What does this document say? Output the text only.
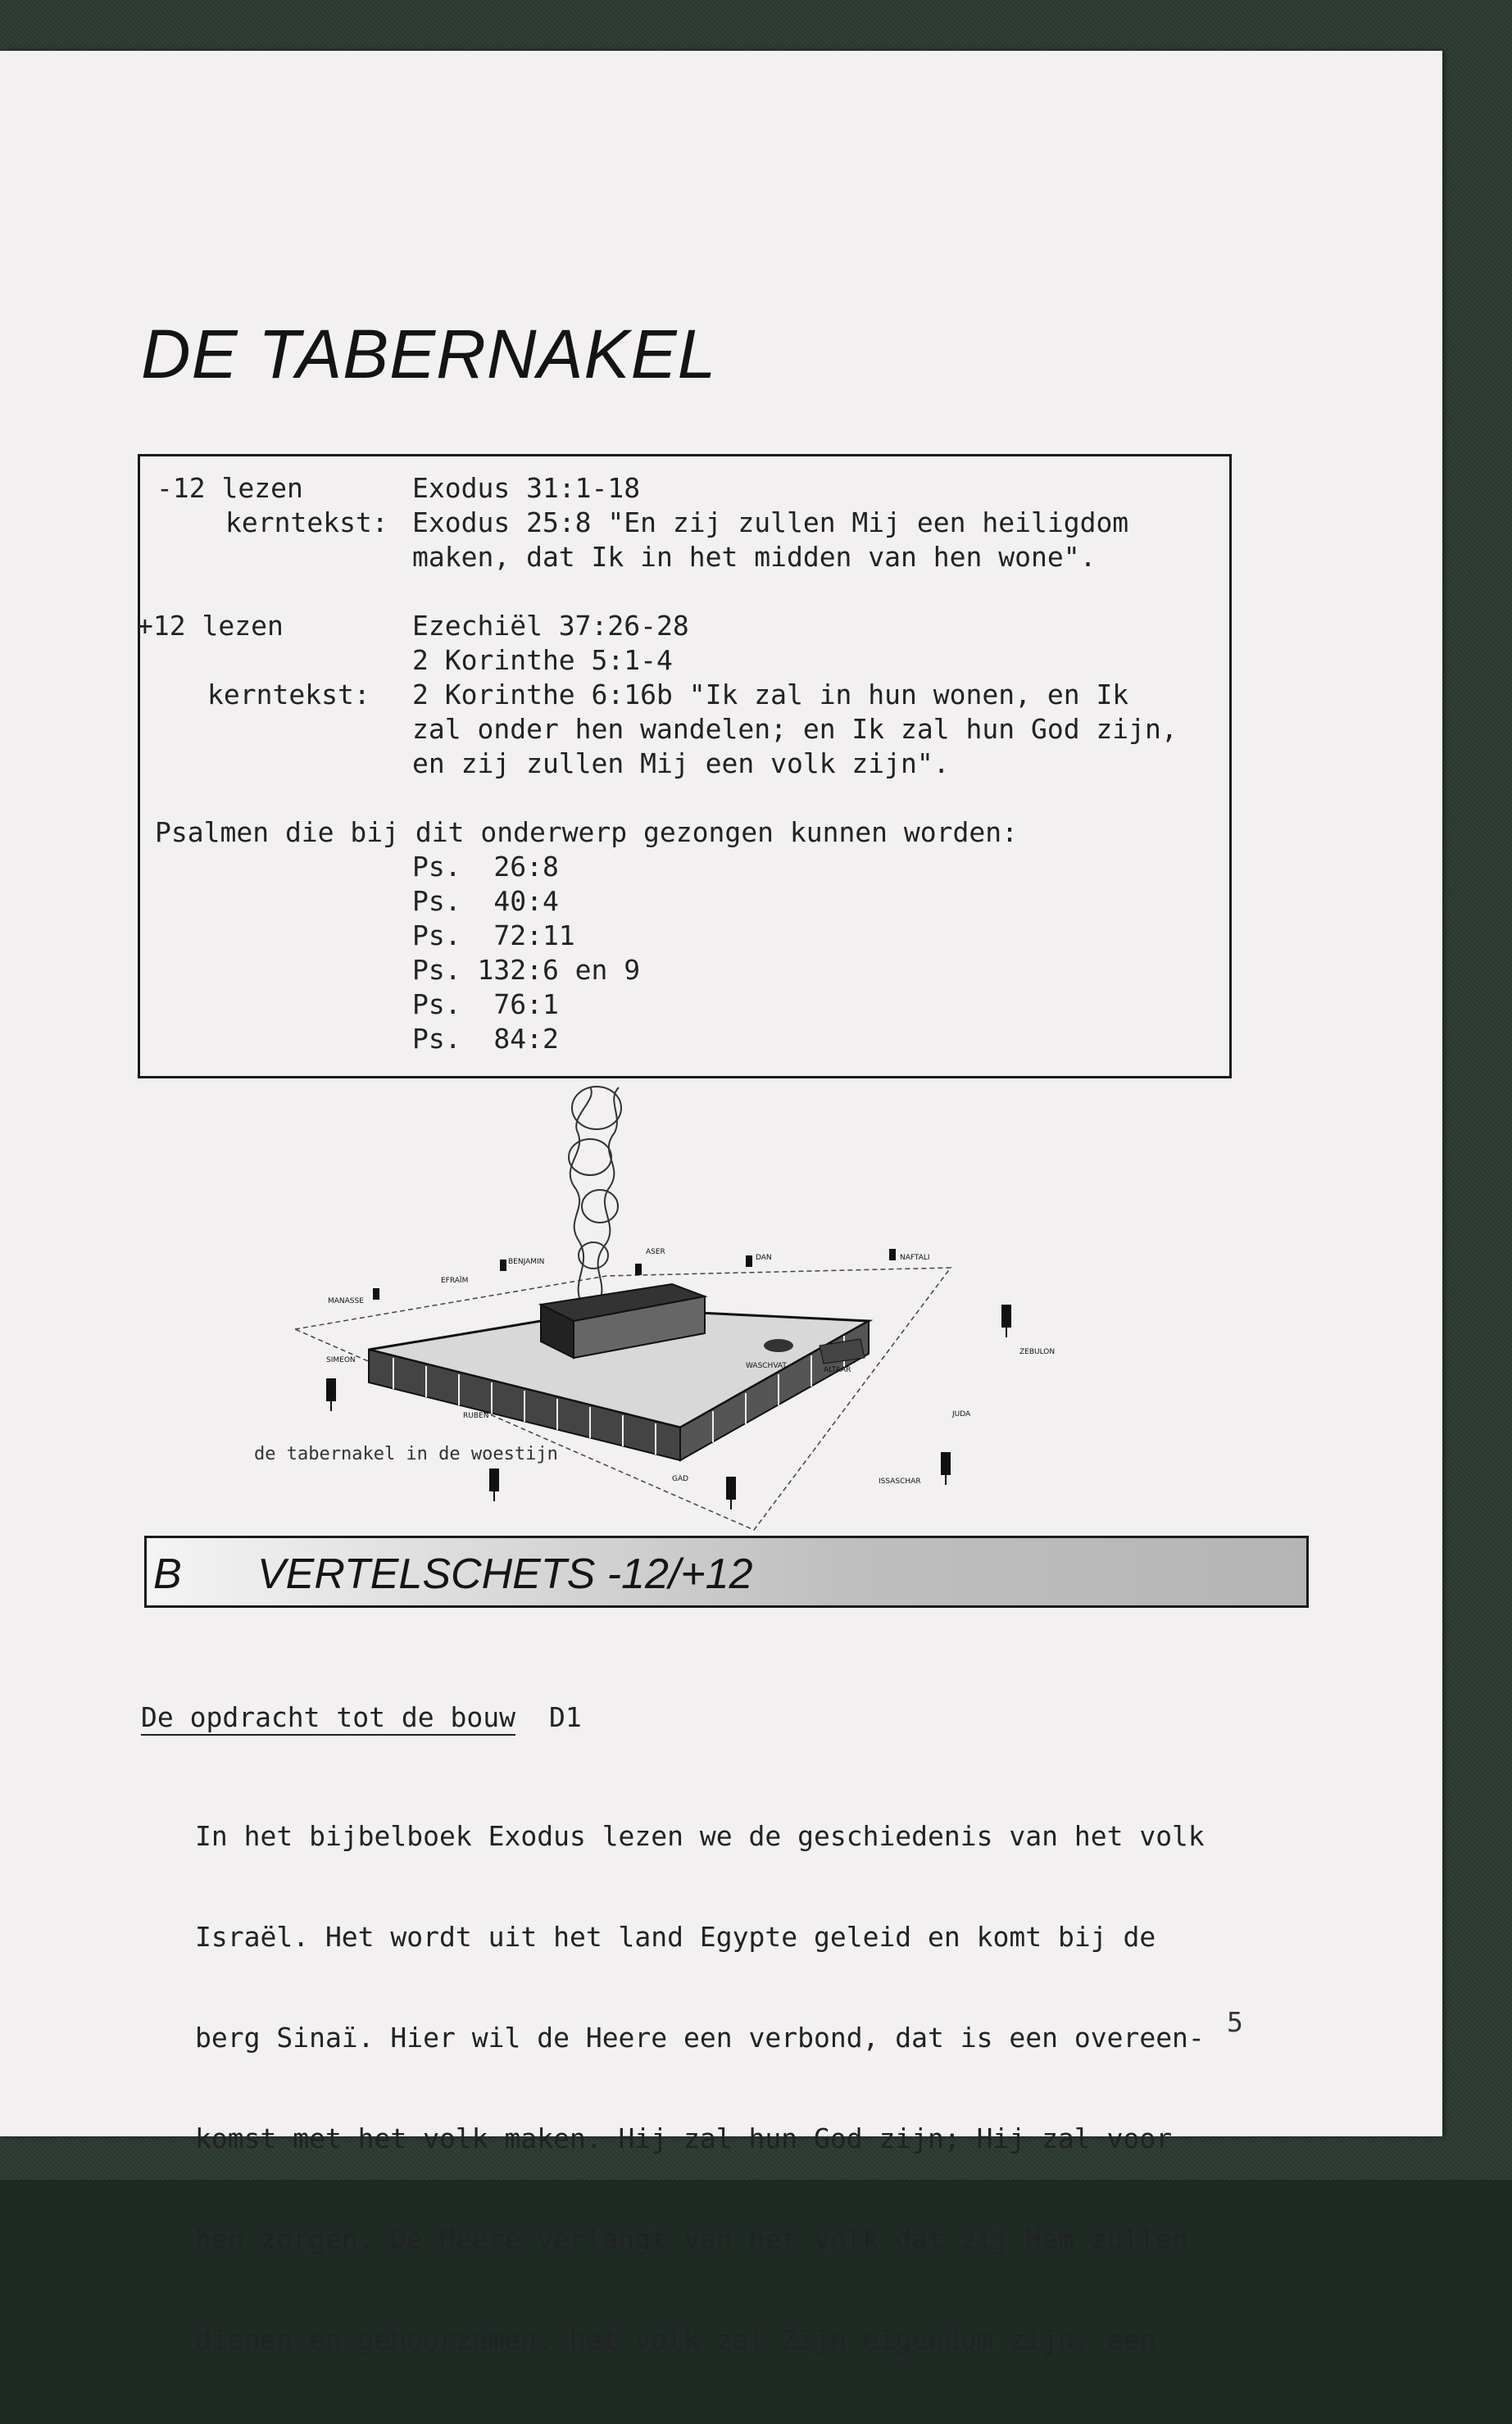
DE TABERNAKEL
-12 lezen	Exodus 31:1-18
kerntekst: Exodus 25:8 "En zij zullen Mij een heiligdom
maken, dat Ik in het midden van hen wone".
+12 lezen	Ezechiël 37:26-28
2 Korinthe 5:1-4
kerntekst: 2 Korinthe 6:16b "Ik zal in hun wonen, en Ik
zal onder hen wandelen; en Ik zal hun God zijn,
en zij zullen Mij een volk zijn".
Psalmen die bij dit onderwerp gezongen kunnen worden:
Ps.  26:8
Ps.  40:4
Ps.  72:11
Ps. 132:6 en 9
Ps.  76:1
Ps.  84:2
MANASSE
EFRAÏM
BENJAMIN
ASER
DAN	NAFTALI
SIMEON
RUBEN
GAD	ISSASCHAR
JUDA
ZEBULON
WASCHVAT	ALTAAR
de tabernakel in de woestijn
B VERTELSCHETS -12/+12
De opdracht tot de bouw D1

In het bijbelboek Exodus lezen we de geschiedenis van het volk

Israël. Het wordt uit het land Egypte geleid en komt bij de

berg Sinaï. Hier wil de Heere een verbond, dat is een overeen-

komst met het volk maken. Hij zal hun God zijn; Hij zal voor

hen zorgen. De Heere verlangt van het volk dat zij Hem zullen

dienen en gehoorzamen. het volk zal Zijn eigendom zijn, een

5
